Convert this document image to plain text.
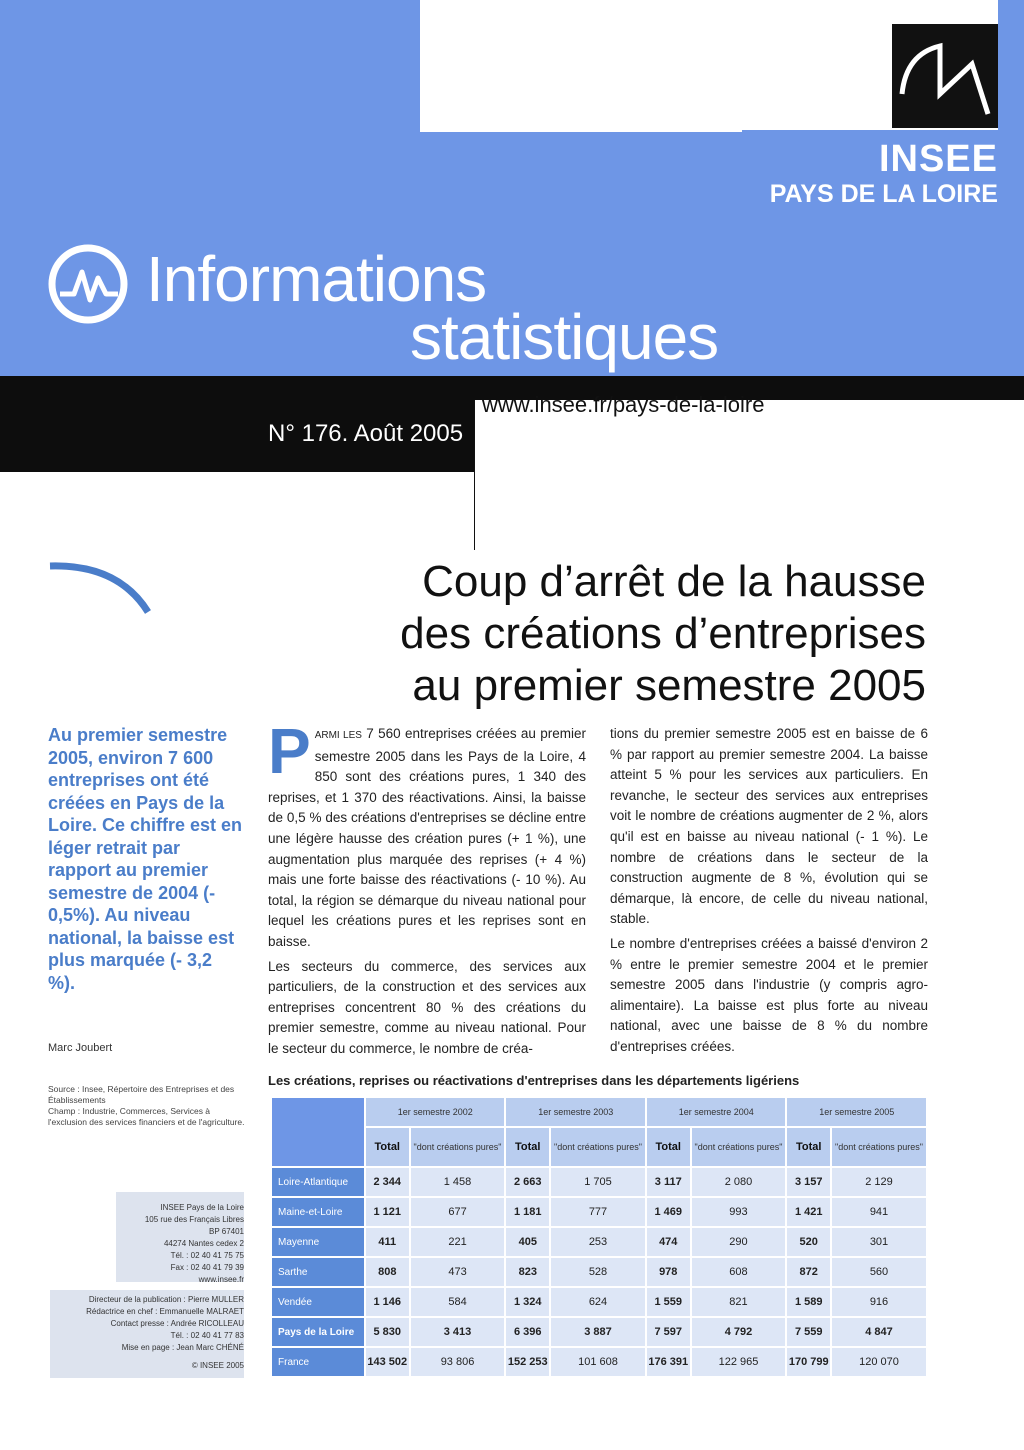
INSEE
PAYS DE LA LOIRE
Informations
statistiques
www.insee.fr/pays-de-la-loire
N° 176. Août 2005
Coup d’arrêt de la hausse
des créations d’entreprises
au premier semestre 2005
Au premier semestre 2005, environ 7 600 entreprises ont été créées en Pays de la Loire. Ce chiffre est en léger retrait par rapport au premier semestre de 2004 (- 0,5%). Au niveau national, la baisse est plus marquée (- 3,2 %).
Marc Joubert
Source : Insee, Répertoire des Entreprises et des Établissements
Champ : Industrie, Commerces, Services à l'exclusion des services financiers et de l'agriculture.
INSEE Pays de la Loire
105 rue des Français Libres
BP 67401
44274 Nantes cedex 2
Tél. : 02 40 41 75 75
Fax : 02 40 41 79 39
www.insee.fr
Directeur de la publication : Pierre MULLER
Rédactrice en chef : Emmanuelle MALRAET
Contact presse : Andrée RICOLLEAU
Tél. : 02 40 41 77 83
Mise en page : Jean Marc CHÉNÉ
© INSEE 2005

PARMI LES 7 560 entreprises créées au premier semestre 2005 dans les Pays de la Loire, 4 850 sont des créations pures, 1 340 des reprises, et 1 370 des réactivations. Ainsi, la baisse de 0,5 % des créations d'entreprises se décline entre une légère hausse des création pures (+ 1 %), une augmentation plus marquée des reprises (+ 4 %) mais une forte baisse des réactivations (- 10 %). Au total, la région se démarque du niveau national pour lequel les créations pures et les reprises sont en baisse.

Les secteurs du commerce, des services aux particuliers, de la construction et des services aux entreprises concentrent 80 % des créations du premier semestre, comme au niveau national. Pour le secteur du commerce, le nombre de créa-

tions du premier semestre 2005 est en baisse de 6 % par rapport au premier semestre 2004. La baisse atteint 5 % pour les services aux particuliers. En revanche, le secteur des services aux entreprises voit le nombre de créations augmenter de 2 %, alors qu'il est en baisse au niveau national (- 1 %). Le nombre de créations dans le secteur de la construction augmente de 8 %, évolution qui se démarque, là encore, de celle du niveau national, stable.

Le nombre d'entreprises créées a baissé d'environ 2 % entre le premier semestre 2004 et le premier semestre 2005 dans l'industrie (y compris agro-alimentaire). La baisse est plus forte au niveau national, avec une baisse de 8 % du nombre d'entreprises créées.

Les créations, reprises ou réactivations d'entreprises dans les départements ligériens
	1er semestre 2002		1er semestre 2003		1er semestre 2004		1er semestre 2005	
	Total	"dont créations pures"	Total	"dont créations pures"	Total	"dont créations pures"	Total	"dont créations pures"
Loire-Atlantique	2 344	1 458	2 663	1 705	3 117	2 080	3 157	2 129
Maine-et-Loire	1 121	677	1 181	777	1 469	993	1 421	941
Mayenne	411	221	405	253	474	290	520	301
Sarthe	808	473	823	528	978	608	872	560
Vendée	1 146	584	1 324	624	1 559	821	1 589	916
Pays de la Loire	5 830	3 413	6 396	3 887	7 597	4 792	7 559	4 847
France	143 502	93 806	152 253	101 608	176 391	122 965	170 799	120 070
